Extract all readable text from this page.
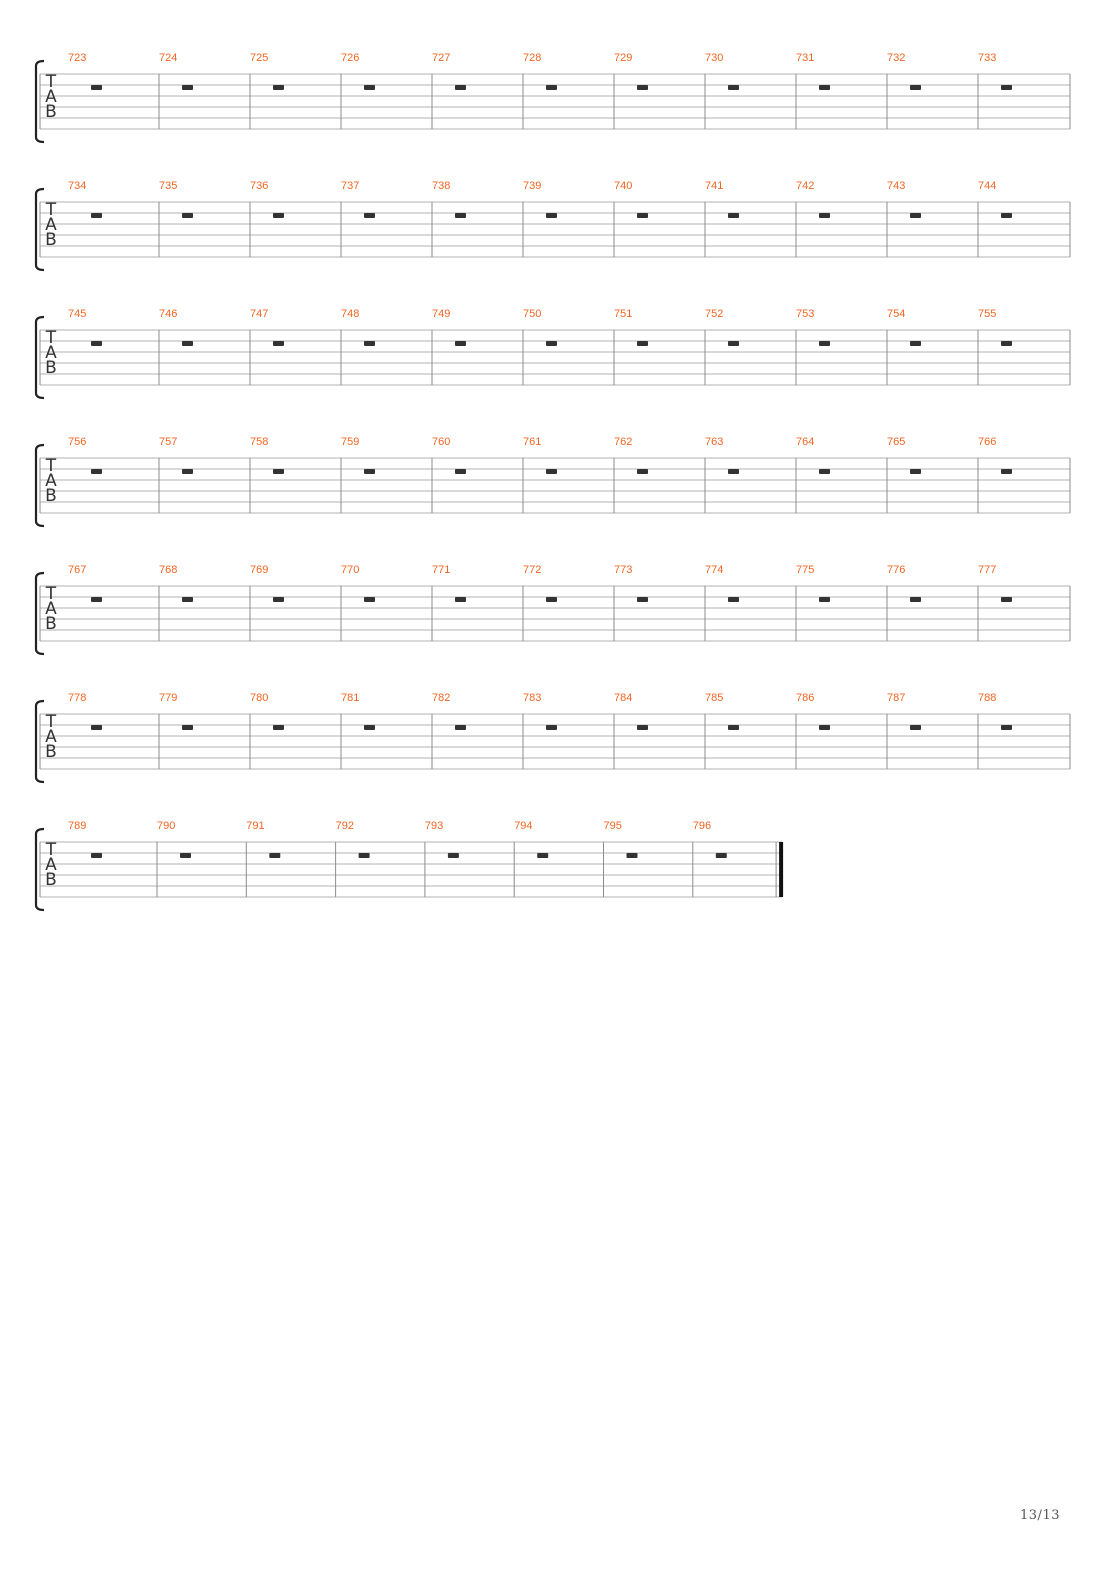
T
A
B
723	724	725	726	727	728	729	730	731	732	733
T
A
B
734	735	736	737	738	739	740	741	742	743	744
T
A
B
745	746	747	748	749	750	751	752	753	754	755
T
A
B
756	757	758	759	760	761	762	763	764	765	766
T
A
B
767	768	769	770	771	772	773	774	775	776	777
T
A
B
778	779	780	781	782	783	784	785	786	787	788
T
A
B
789	790	791	792	793	794	795	796
13/13
